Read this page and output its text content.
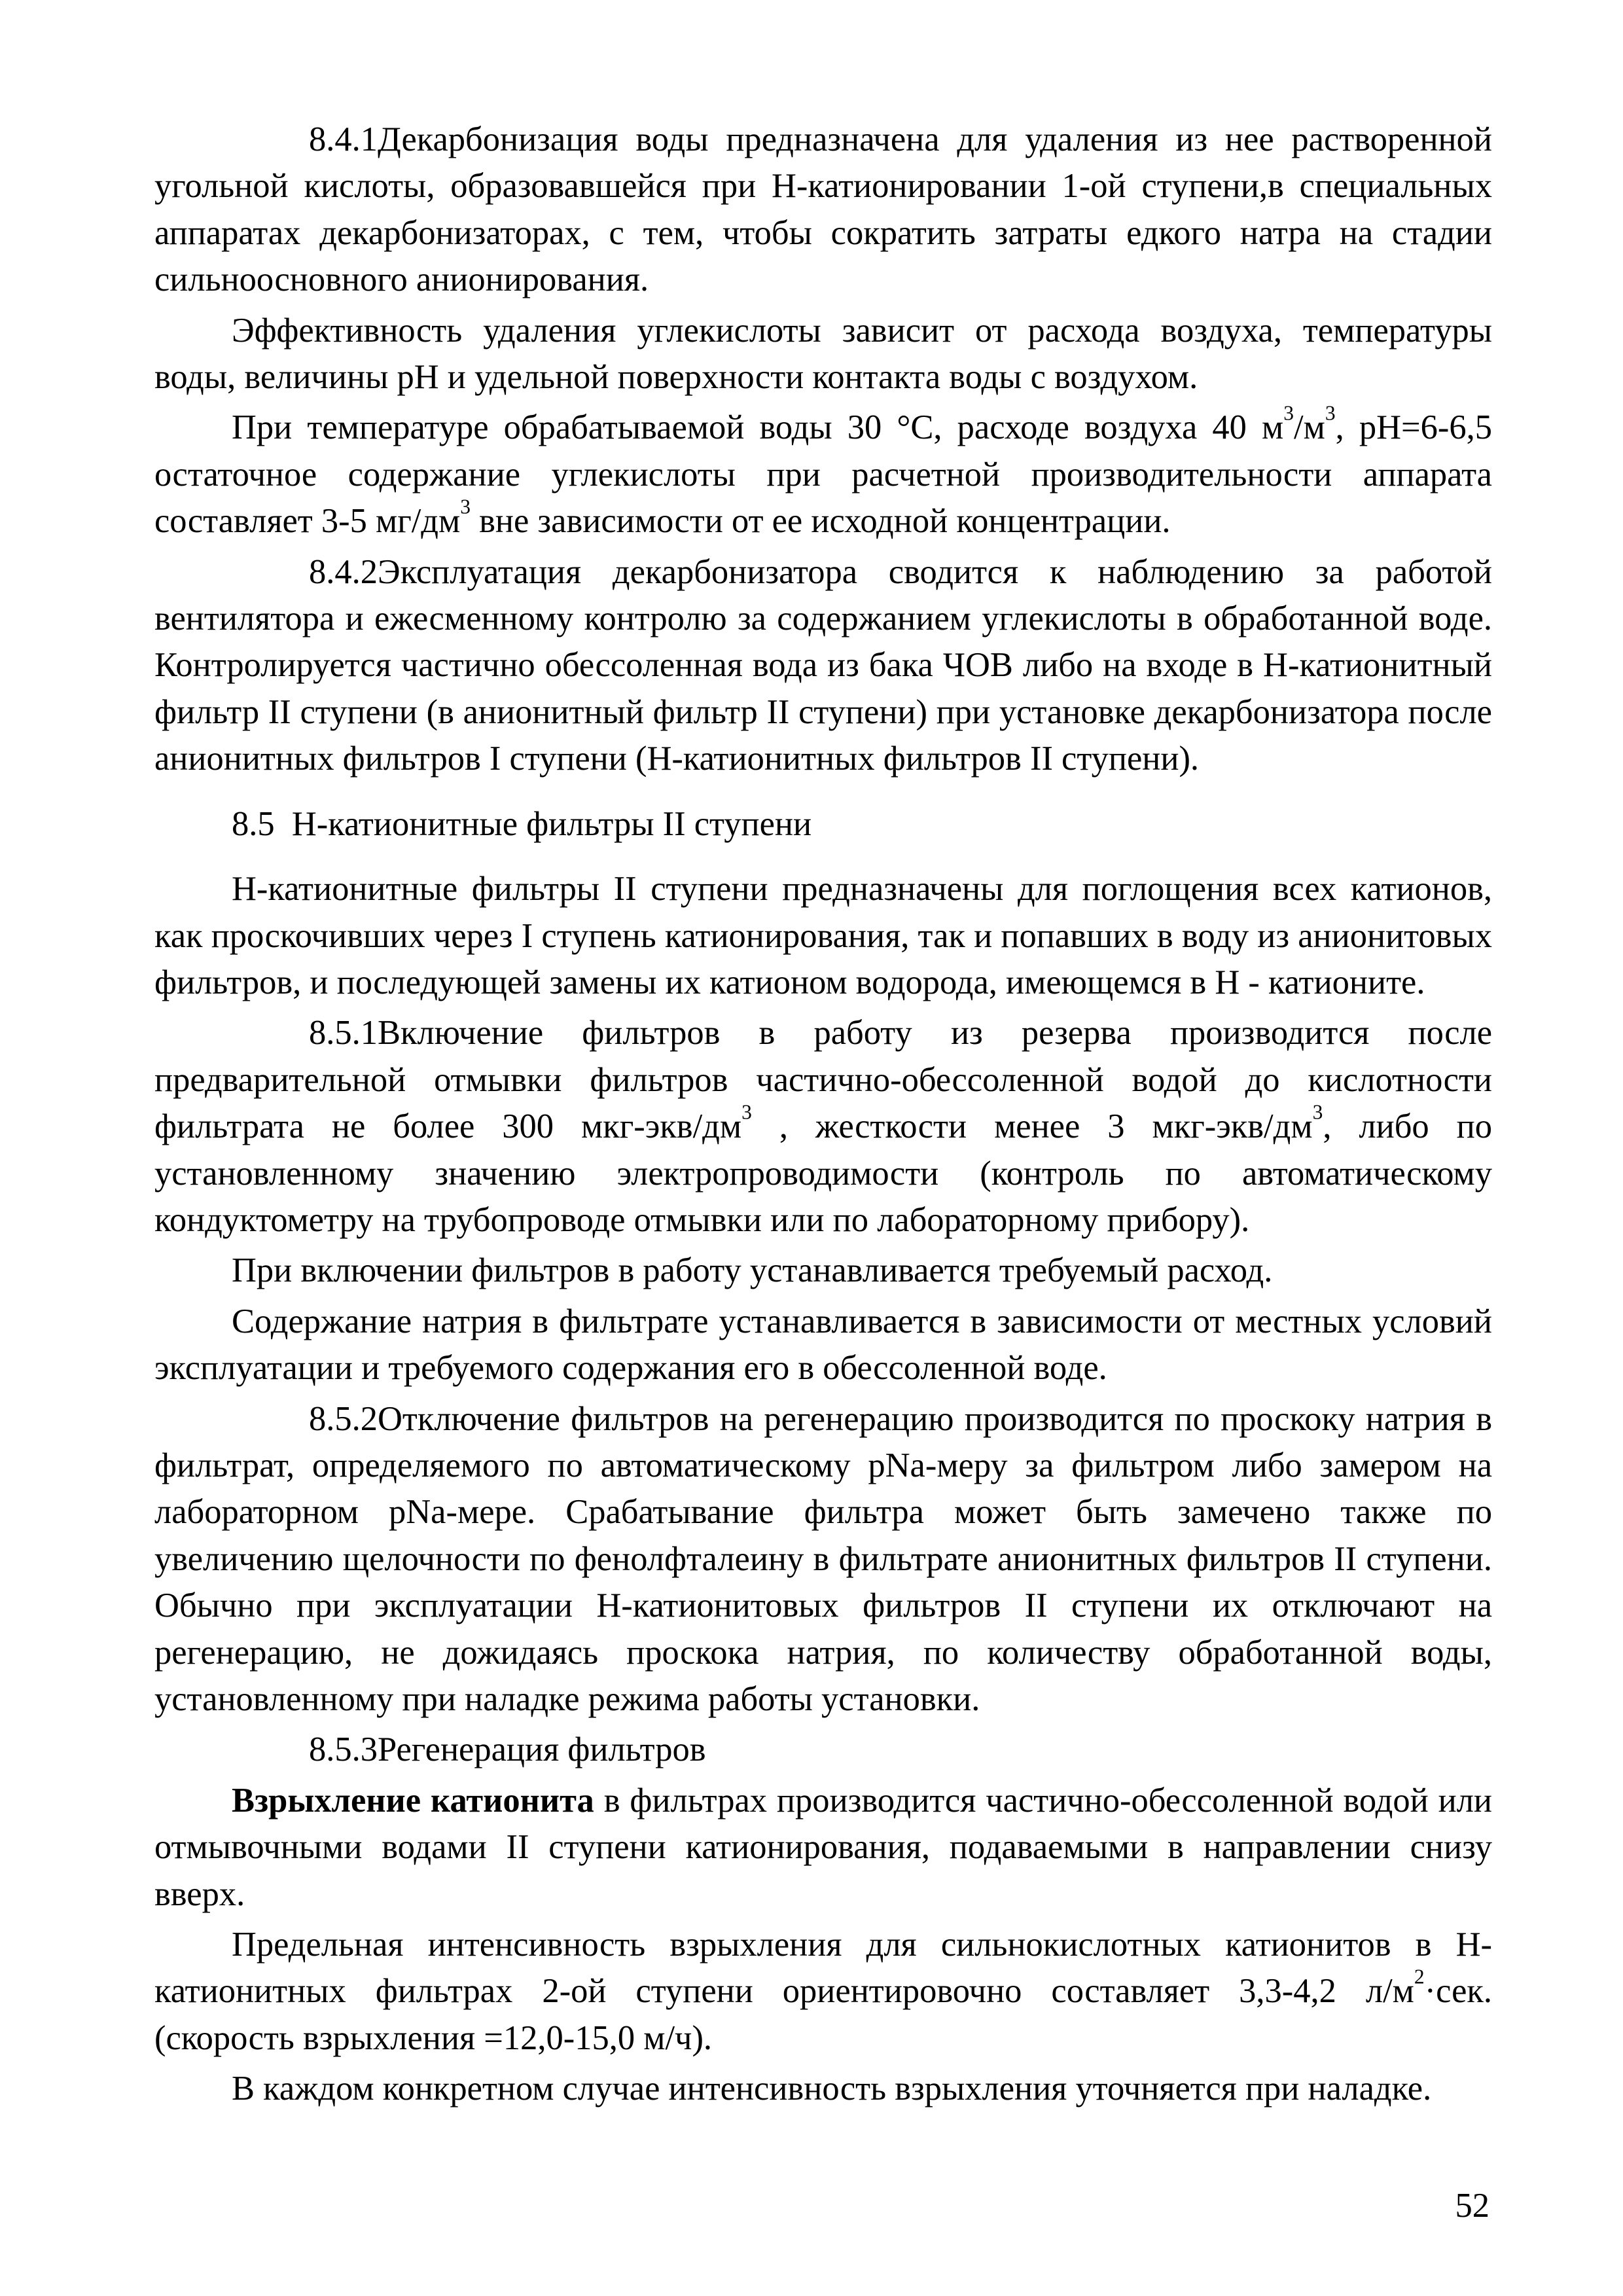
8.4.1Декарбонизация воды предназначена для удаления из нее растворенной угольной кислоты, образовавшейся при Н-катионировании 1-ой ступени,в специальных аппаратах декарбонизаторах, с тем, чтобы сократить затраты едкого натра на стадии сильноосновного анионирования.

Эффективность удаления углекислоты зависит от расхода воздуха, температуры воды, величины рН и удельной поверхности контакта воды с воздухом.

При температуре обрабатываемой воды 30 °С, расходе воздуха 40 $м^3/м^3$, рН=6-6,5 остаточное содержание углекислоты при расчетной производительности аппарата составляет 3-5 $мг/дм^3$ вне зависимости от ее исходной концентрации.

8.4.2Эксплуатация декарбонизатора сводится к наблюдению за работой вентилятора и ежесменному контролю за содержанием углекислоты в обработанной воде. Контролируется частично обессоленная вода из бака ЧОВ либо на входе в Н-катионитный фильтр II ступени (в анионитный фильтр II ступени) при установке декарбонизатора после анионитных фильтров I ступени (Н-катионитных фильтров II ступени).

8.5 Н-катионитные фильтры II ступени

Н-катионитные фильтры II ступени предназначены для поглощения всех катионов, как проскочивших через I ступень катионирования, так и попавших в воду из анионитовых фильтров, и последующей замены их катионом водорода, имеющемся в Н - катионите.

8.5.1Включение фильтров в работу из резерва производится после предварительной отмывки фильтров частично-обессоленной водой до кислотности фильтрата не более 300 мкг-$экв/дм^3$ , жесткости менее 3 мкг-$экв/дм^3$, либо по установленному значению электропроводимости (контроль по автоматическому кондуктометру на трубопроводе отмывки или по лабораторному прибору).

При включении фильтров в работу устанавливается требуемый расход.

Содержание натрия в фильтрате устанавливается в зависимости от местных условий эксплуатации и требуемого содержания его в обессоленной воде.

8.5.2Отключение фильтров на регенерацию производится по проскоку натрия в фильтрат, определяемого по автоматическому pNa-меру за фильтром либо замером на лабораторном pNa-мере. Срабатывание фильтра может быть замечено также по увеличению щелочности по фенолфталеину в фильтрате анионитных фильтров II ступени. Обычно при эксплуатации Н-катионитовых фильтров II ступени их отключают на регенерацию, не дожидаясь проскока натрия, по количеству обработанной воды, установленному при наладке режима работы установки.

8.5.3Регенерация фильтров

Взрыхление катионита в фильтрах производится частично-обессоленной водой или отмывочными водами II ступени катионирования, подаваемыми в направлении снизу вверх.

Предельная интенсивность взрыхления для сильнокислотных катионитов в Н-катионитных фильтрах 2-ой ступени ориентировочно составляет 3,3-4,2 $л/м^2\cdot сек$. (скорость взрыхления =12,0-15,0 м/ч).

В каждом конкретном случае интенсивность взрыхления уточняется при наладке.

52
